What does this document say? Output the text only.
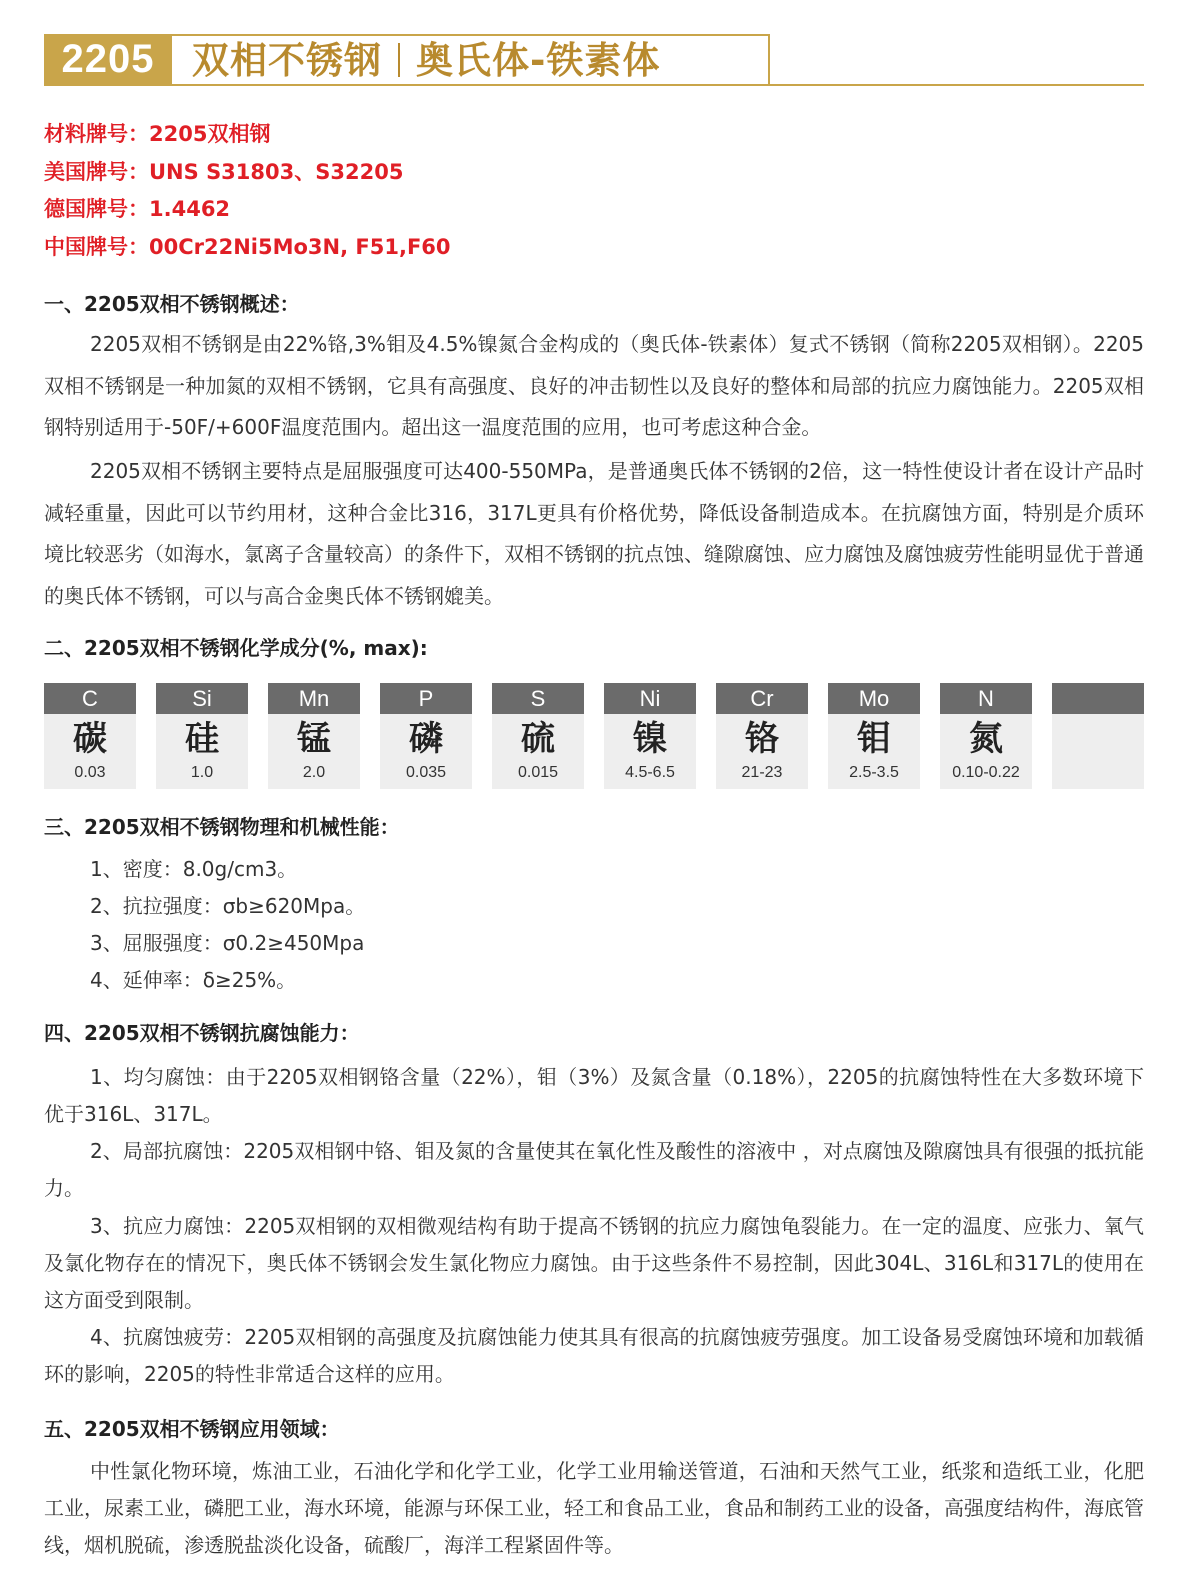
2205	双相不锈钢 奥氏体-铁素体
材料牌号：2205双相钢
美国牌号：UNS S31803、S32205
德国牌号：1.4462
中国牌号：00Cr22Ni5Mo3N, F51,F60
一、2205双相不锈钢概述：

2205双相不锈钢是由22%铬,3%钼及4.5%镍氮合金构成的（奥氏体-铁素体）复式不锈钢（简称2205双相钢）。2205双相不锈钢是一种加氮的双相不锈钢，它具有高强度、良好的冲击韧性以及良好的整体和局部的抗应力腐蚀能力。2205双相钢特别适用于-50F/+600F温度范围内。超出这一温度范围的应用，也可考虑这种合金。

2205双相不锈钢主要特点是屈服强度可达400-550MPa，是普通奥氏体不锈钢的2倍，这一特性使设计者在设计产品时减轻重量，因此可以节约用材，这种合金比316，317L更具有价格优势，降低设备制造成本。在抗腐蚀方面，特别是介质环境比较恶劣（如海水，氯离子含量较高）的条件下，双相不锈钢的抗点蚀、缝隙腐蚀、应力腐蚀及腐蚀疲劳性能明显优于普通的奥氏体不锈钢，可以与高合金奥氏体不锈钢媲美。

二、2205双相不锈钢化学成分(%, max):
C
碳
0.03
Si
硅
1.0
Mn
锰
2.0
P
磷
0.035
S
硫
0.015
Ni
镍
4.5-6.5
Cr
铬
21-23
Mo
钼
2.5-3.5
N
氮
0.10-0.22
三、2205双相不锈钢物理和机械性能：
1、密度：8.0g/cm3。
2、抗拉强度：σb≥620Mpa。
3、屈服强度：σ0.2≥450Mpa
4、延伸率：δ≥25%。
四、2205双相不锈钢抗腐蚀能力：

1、均匀腐蚀：由于2205双相钢铬含量（22%），钼（3%）及氮含量（0.18%），2205的抗腐蚀特性在大多数环境下优于316L、317L。

2、局部抗腐蚀：2205双相钢中铬、钼及氮的含量使其在氧化性及酸性的溶液中 ，对点腐蚀及隙腐蚀具有很强的抵抗能力。

3、抗应力腐蚀：2205双相钢的双相微观结构有助于提高不锈钢的抗应力腐蚀龟裂能力。在一定的温度、应张力、氧气及氯化物存在的情况下，奥氏体不锈钢会发生氯化物应力腐蚀。由于这些条件不易控制，因此304L、316L和317L的使用在这方面受到限制。

4、抗腐蚀疲劳：2205双相钢的高强度及抗腐蚀能力使其具有很高的抗腐蚀疲劳强度。加工设备易受腐蚀环境和加载循环的影响，2205的特性非常适合这样的应用。

五、2205双相不锈钢应用领域：

中性氯化物环境，炼油工业，石油化学和化学工业，化学工业用输送管道，石油和天然气工业，纸浆和造纸工业，化肥工业，尿素工业，磷肥工业，海水环境，能源与环保工业，轻工和食品工业，食品和制药工业的设备，高强度结构件，海底管线，烟机脱硫，渗透脱盐淡化设备，硫酸厂，海洋工程紧固件等。
